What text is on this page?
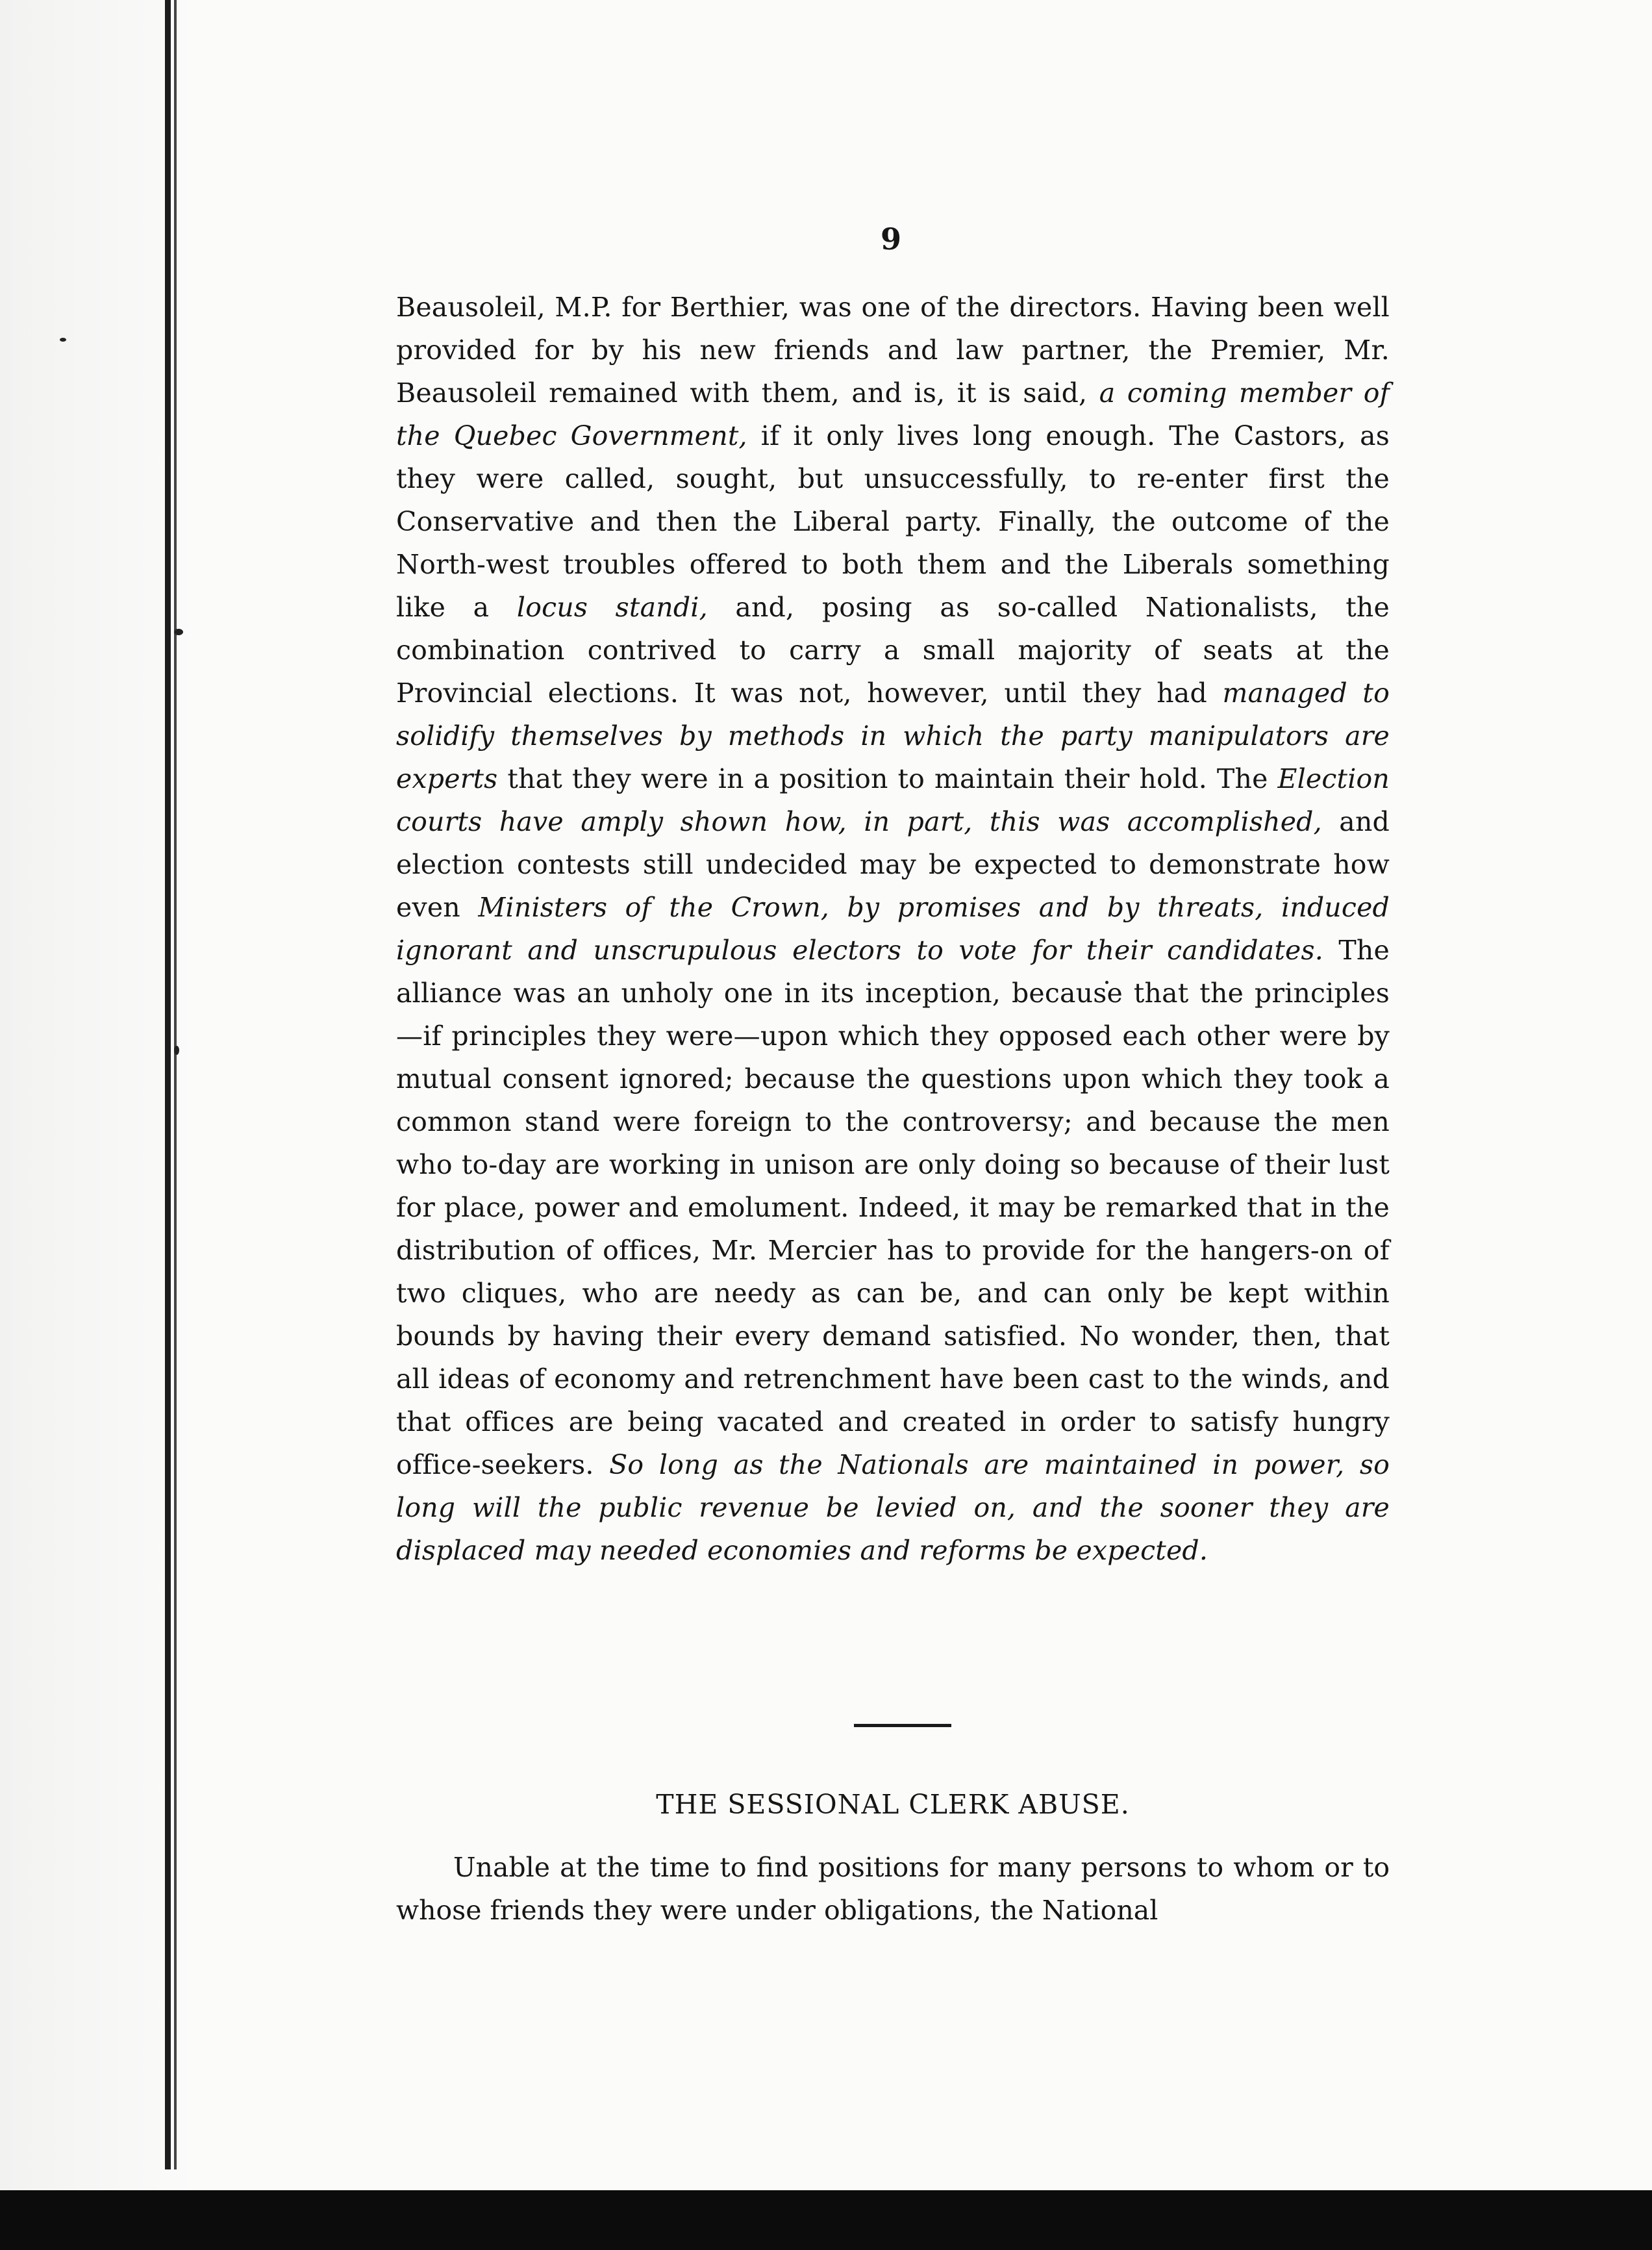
9

Beausoleil, M.P. for Berthier, was one of the directors. Having been well provided for by his new friends and law partner, the Premier, Mr. Beausoleil remained with them, and is, it is said, a coming member of the Quebec Government, if it only lives long enough. The Castors, as they were called, sought, but unsuccessfully, to re-enter first the Conservative and then the Liberal party. Finally, the outcome of the North-west troubles offered to both them and the Liberals something like a locus standi, and, posing as so-called Nationalists, the combination contrived to carry a small majority of seats at the Provincial elections. It was not, however, until they had managed to solidify themselves by methods in which the party manipulators are experts that they were in a position to maintain their hold. The Election courts have amply shown how, in part, this was accomplished, and election contests still undecided may be expected to demonstrate how even Ministers of the Crown, by promises and by threats, induced ignorant and unscrupulous electors to vote for their candidates. The alliance was an unholy one in its inception, because that the principles—if principles they were—upon which they opposed each other were by mutual consent ignored; because the questions upon which they took a common stand were foreign to the controversy; and because the men who to-day are working in unison are only doing so because of their lust for place, power and emolument. Indeed, it may be remarked that in the distribution of offices, Mr. Mercier has to provide for the hangers-on of two cliques, who are needy as can be, and can only be kept within bounds by having their every demand satisfied. No wonder, then, that all ideas of economy and retrenchment have been cast to the winds, and that offices are being vacated and created in order to satisfy hungry office-seekers. So long as the Nationals are maintained in power, so long will the public revenue be levied on, and the sooner they are displaced may needed economies and reforms be expected.

THE SESSIONAL CLERK ABUSE.

Unable at the time to find positions for many persons to whom or to whose friends they were under obligations, the National
